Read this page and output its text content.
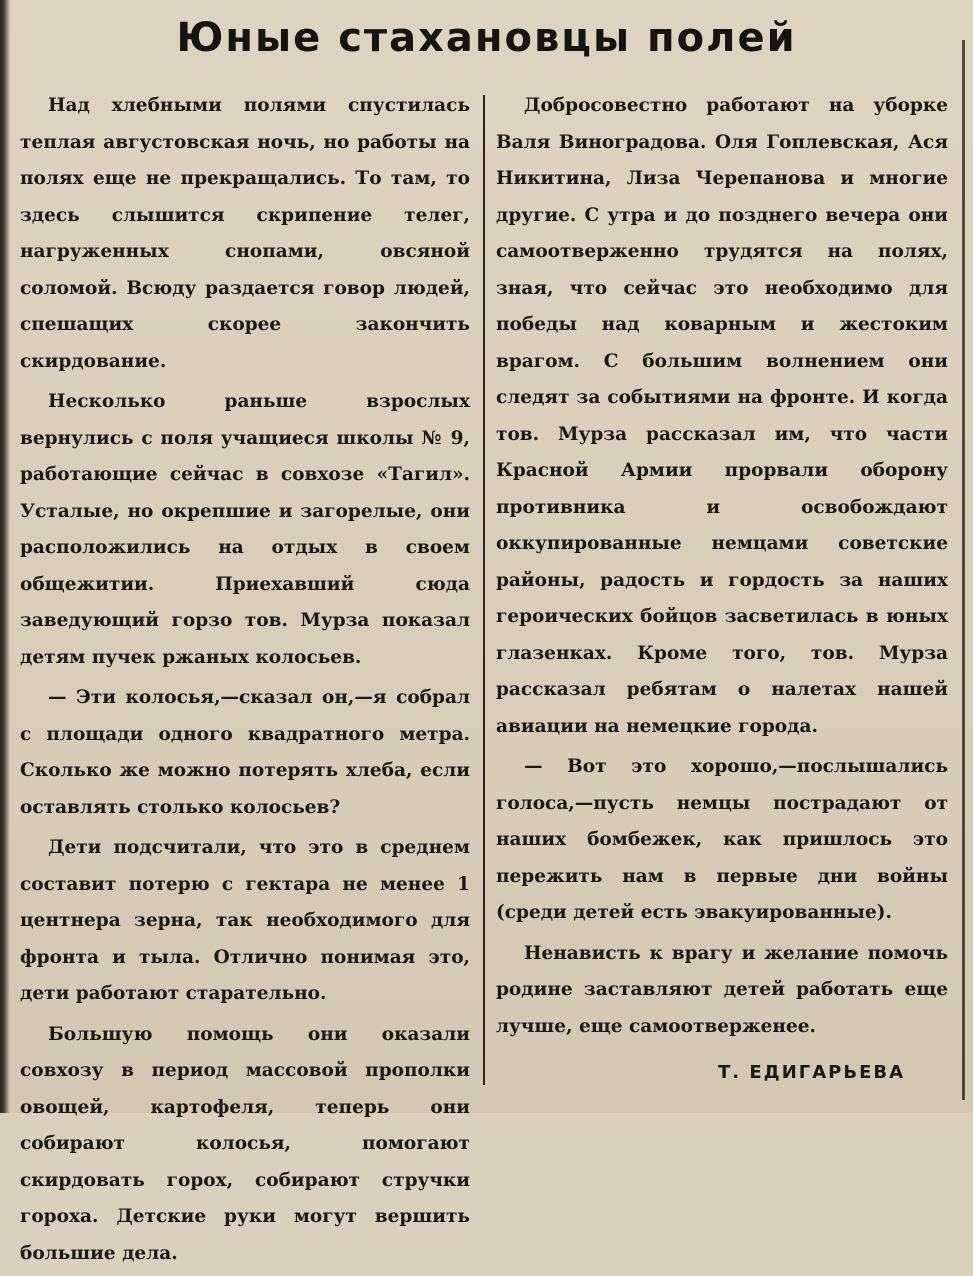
Юные стахановцы полей

Над хлебными полями спустилась теплая августовская ночь, но работы на полях еще не прекращались. То там, то здесь слышится скрипение телег, нагруженных снопами, овсяной соломой. Всюду раздается говор людей, спешащих скорее закончить скирдование.

Несколько раньше взрослых вернулись с поля учащиеся школы № 9, работающие сейчас в совхозе «Тагил». Усталые, но окрепшие и загорелые, они расположились на отдых в своем общежитии. Приехавший сюда заведующий горзо тов. Мурза показал детям пучек ржаных колосьев.

— Эти колосья,—сказал он,—я собрал с площади одного квадратного метра. Сколько же можно потерять хлеба, если оставлять столько колосьев?

Дети подсчитали, что это в среднем составит потерю с гектара не менее 1 центнера зерна, так необходимого для фронта и тыла. Отлично понимая это, дети работают старательно.

Большую помощь они оказали совхозу в период массовой прополки овощей, картофеля, теперь они собирают колосья, помогают скирдовать горох, собирают стручки гороха. Детские руки могут вершить большие дела.

Добросовестно работают на уборке Валя Виноградова. Оля Гоплевская, Ася Никитина, Лиза Черепанова и многие другие. С утра и до позднего вечера они самоотверженно трудятся на полях, зная, что сейчас это необходимо для победы над коварным и жестоким врагом. С большим волнением они следят за событиями на фронте. И когда тов. Мурза рассказал им, что части Красной Армии прорвали оборону противника и освобождают оккупированные немцами советские районы, радость и гордость за наших героических бойцов засветилась в юных глазенках. Кроме того, тов. Мурза рассказал ребятам о налетах нашей авиации на немецкие города.

— Вот это хорошо,—послышались голоса,—пусть немцы пострадают от наших бомбежек, как пришлось это пережить нам в первые дни войны (среди детей есть эвакуированные).

Ненависть к врагу и желание помочь родине заставляют детей работать еще лучше, еще самоотверженее.

Т. ЕДИГАРЬЕВА
